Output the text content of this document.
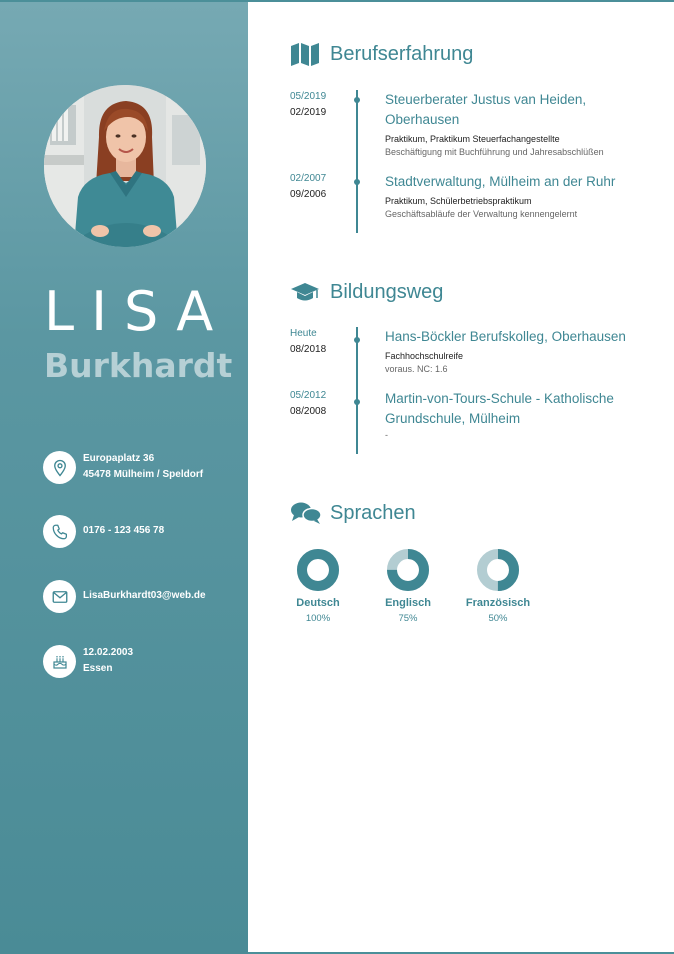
LISA
Burkhardt
Europaplatz 36
45478 Mülheim / Speldorf
0176 - 123 456 78
LisaBurkhardt03@web.de
12.02.2003
Essen
Berufserfahrung
05/2019
02/2019
Steuerberater Justus van Heiden, Oberhausen
Praktikum, Praktikum Steuerfachangestellte
Beschäftigung mit Buchführung und Jahresabschlüßen
02/2007
09/2006
Stadtverwaltung, Mülheim an der Ruhr
Praktikum, Schülerbetriebspraktikum
Geschäftsabläufe der Verwaltung kennengelernt
Bildungsweg
Heute
08/2018
Hans-Böckler Berufskolleg, Oberhausen
Fachhochschulreife
voraus. NC: 1.6
05/2012
08/2008
Martin-von-Tours-Schule - Katholische Grundschule, Mülheim
-
Sprachen
Deutsch
100%
Englisch
75%
Französisch
50%
